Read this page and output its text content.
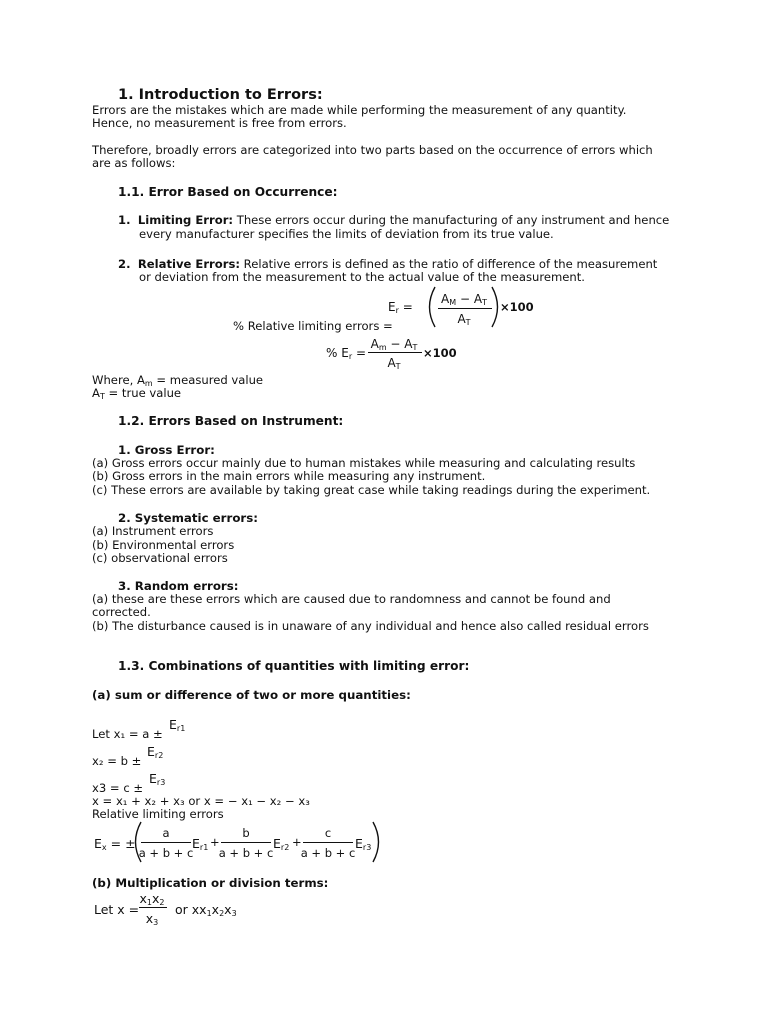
1. Introduction to Errors:
Errors are the mistakes which are made while performing the measurement of any quantity.
Hence, no measurement is free from errors.
Therefore, broadly errors are categorized into two parts based on the occurrence of errors which
are as follows:
1.1. Error Based on Occurrence:
1. Limiting Error: These errors occur during the manufacturing of any instrument and hence
every manufacturer specifies the limits of deviation from its true value.
2. Relative Errors: Relative errors is defined as the ratio of difference of the measurement
or deviation from the measurement to the actual value of the measurement.
$E_r$ =
$A_M - A_T$
$A_T$
×100
% Relative limiting errors =
% $E_r$ =
$A_m - A_T$
$A_T$
×100
Where, $A_m$ = measured value
$A_T$ = true value
1.2. Errors Based on Instrument:
1. Gross Error:
(a) Gross errors occur mainly due to human mistakes while measuring and calculating results
(b) Gross errors in the main errors while measuring any instrument.
(c) These errors are available by taking great case while taking readings during the experiment.
2. Systematic errors:
(a) Instrument errors
(b) Environmental errors
(c) observational errors
3. Random errors:
(a) these are these errors which are caused due to randomness and cannot be found and
corrected.
(b) The disturbance caused is in unaware of any individual and hence also called residual errors
1.3. Combinations of quantities with limiting error:
(a) sum or difference of two or more quantities:
Let x₁ = a ±
$E_{r1}$
x₂ = b ±
$E_{r2}$
x3 = c ±
$E_{r3}$
x = x₁ + x₂ + x₃ or x = − x₁ − x₂ − x₃
Relative limiting errors
$E_x$ = ±
a
a + b + c
$E_{r1}$ +
b
a + b + c
$E_{r2}$ +
c
a + b + c
$E_{r3}$
(b) Multiplication or division terms:
Let x =
$x_1x_2$
$x_3$
or $xx_1x_2x_3$
